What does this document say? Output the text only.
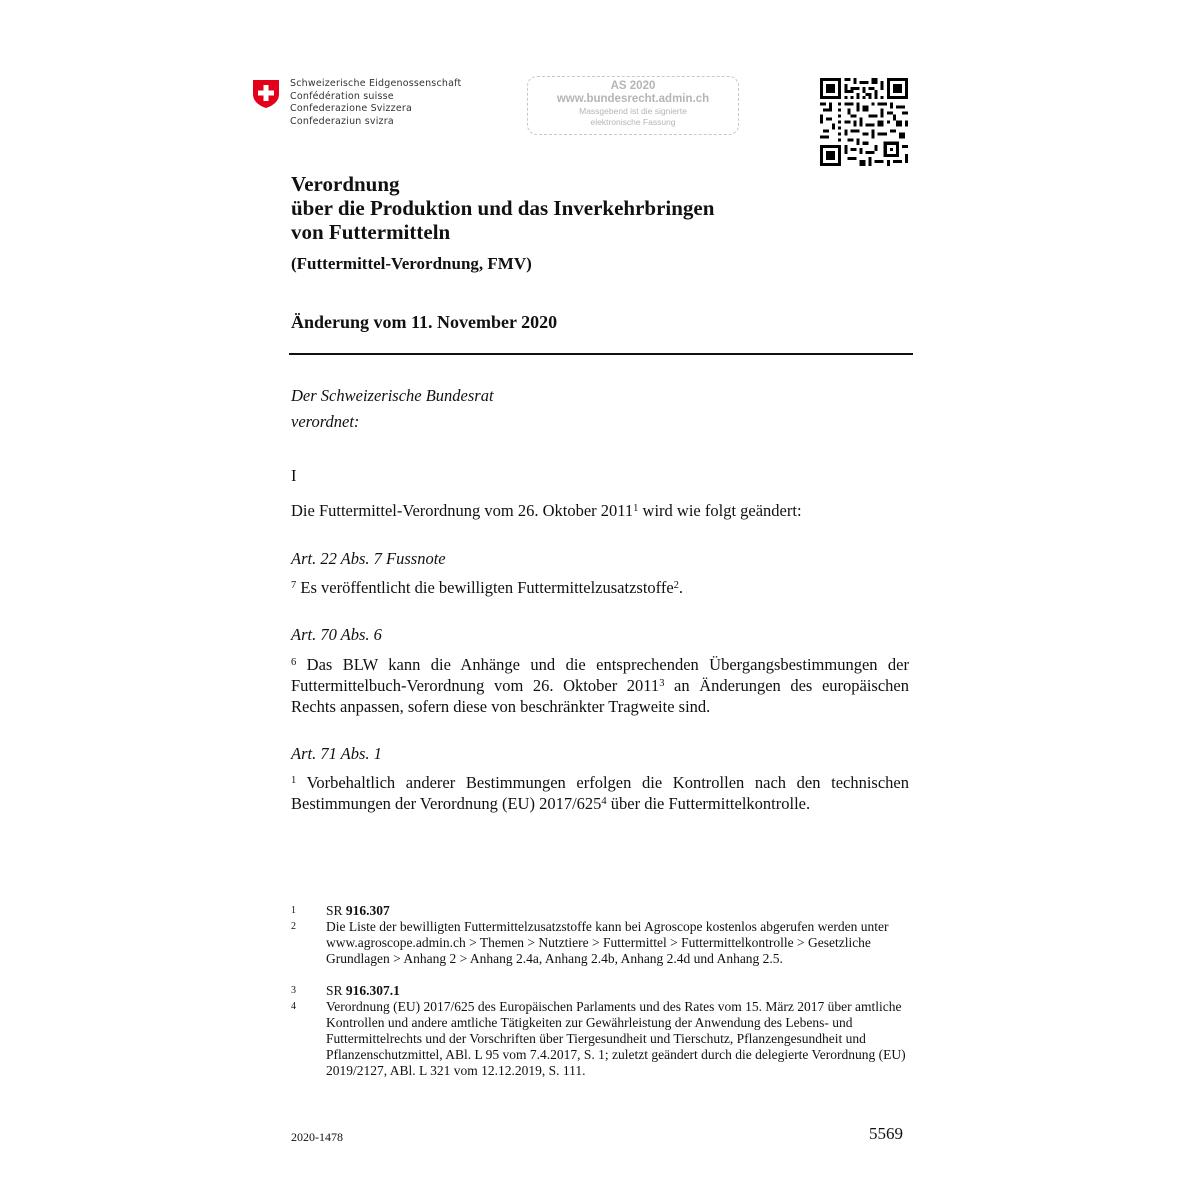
Schweizerische Eidgenossenschaft
Confédération suisse
Confederazione Svizzera
Confederaziun svizra
AS 2020
www.bundesrecht.admin.ch
Massgebend ist die signierte
elektronische Fassung
Verordnung
über die Produktion und das Inverkehrbringen
von Futtermitteln
(Futtermittel-Verordnung, FMV)
Änderung vom 11. November 2020
Der Schweizerische Bundesrat
verordnet:
I
Die Futtermittel-Verordnung vom 26. Oktober 2011$^1$ wird wie folgt geändert:
Art. 22 Abs. 7 Fussnote
$^7$ Es veröffentlicht die bewilligten Futtermittelzusatzstoffe$^2$.
Art. 70 Abs. 6
$^6$ Das BLW kann die Anhänge und die entsprechenden Übergangsbestimmungen der Futtermittelbuch-Verordnung vom 26. Oktober 2011$^3$ an Änderungen des europäischen Rechts anpassen, sofern diese von beschränkter Tragweite sind.
Art. 71 Abs. 1
$^1$ Vorbehaltlich anderer Bestimmungen erfolgen die Kontrollen nach den technischen Bestimmungen der Verordnung (EU) $2017/625^4$ über die Futtermittelkontrolle.
1 SR 916.307
2 Die Liste der bewilligten Futtermittelzusatzstoffe kann bei Agroscope kostenlos abgerufen werden unter www.agroscope.admin.ch > Themen > Nutztiere > Futtermittel > Futtermittelkontrolle > Gesetzliche Grundlagen > Anhang 2 > Anhang 2.4a, Anhang 2.4b, Anhang 2.4d und Anhang 2.5.
3 SR 916.307.1
4 Verordnung (EU) 2017/625 des Europäischen Parlaments und des Rates vom 15. März 2017 über amtliche Kontrollen und andere amtliche Tätigkeiten zur Gewährleistung der Anwendung des Lebens- und Futtermittelrechts und der Vorschriften über Tiergesundheit und Tierschutz, Pflanzengesundheit und Pflanzenschutzmittel, ABl. L 95 vom 7.4.2017, S. 1; zuletzt geändert durch die delegierte Verordnung (EU) 2019/2127, ABl. L 321 vom 12.12.2019, S. 111.
2020-1478	5569
